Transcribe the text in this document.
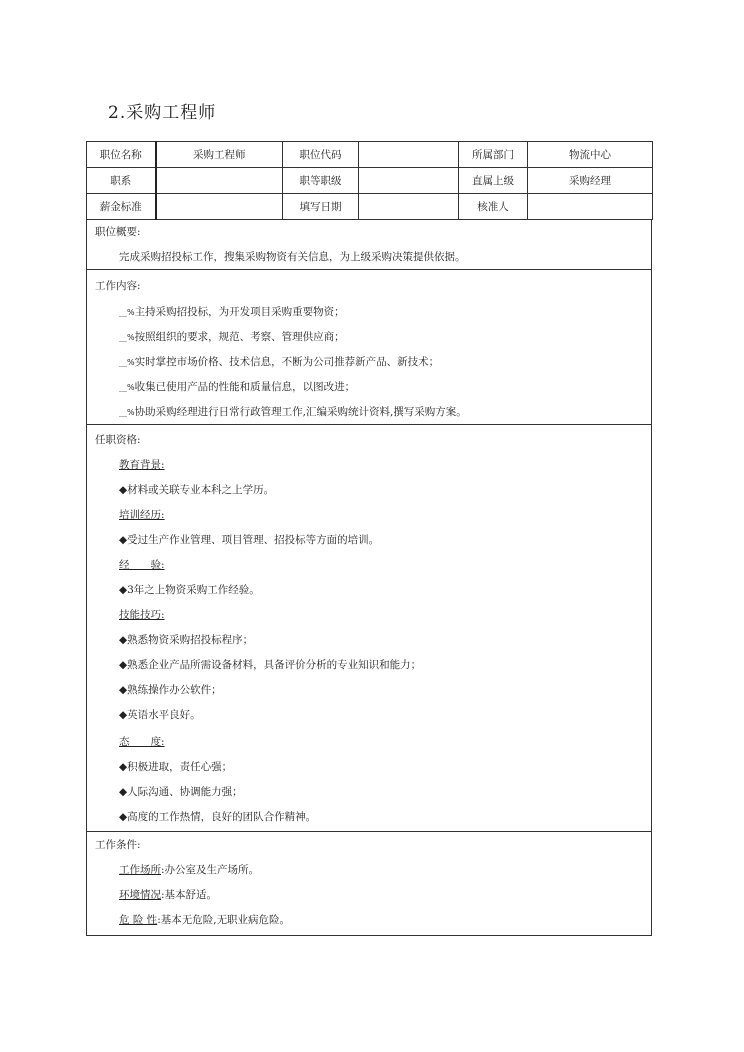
2.采购工程师
职位名称	采购工程师	职位代码		所属部门	物流中心
职系		职等职级		直属上级	采购经理
薪金标准		填写日期		核准人	
职位概要:
完成采购招投标工作，搜集采购物资有关信息，为上级采购决策提供依据。
工作内容:
__%主持采购招投标，为开发项目采购重要物资；
__%按照组织的要求，规范、考察、管理供应商；
__%实时掌控市场价格、技术信息，不断为公司推荐新产品、新技术；
__%收集已使用产品的性能和质量信息，以图改进；
__%协助采购经理进行日常行政管理工作,汇编采购统计资料,撰写采购方案。
任职资格:
教育背景:
◆材料或关联专业本科之上学历。
培训经历:
◆受过生产作业管理、项目管理、招投标等方面的培训。
经　　验:
◆3年之上物资采购工作经验。
技能技巧:
◆熟悉物资采购招投标程序；
◆熟悉企业产品所需设备材料，具备评价分析的专业知识和能力；
◆熟练操作办公软件；
◆英语水平良好。
态　　度:
◆积极进取，责任心强；
◆人际沟通、协调能力强；
◆高度的工作热情，良好的团队合作精神。
工作条件:
工作场所:办公室及生产场所。
环境情况:基本舒适。
危 险 性:基本无危险,无职业病危险。
